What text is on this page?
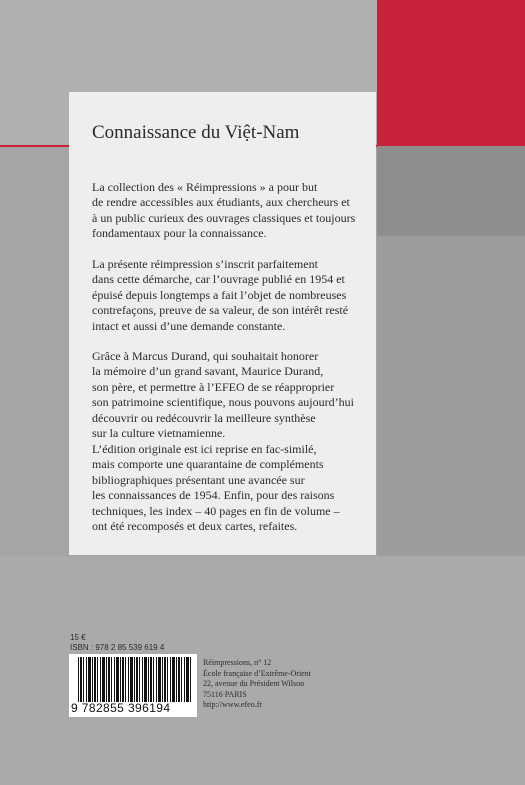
Connaissance du Việt-Nam

La collection des « Réimpressions » a pour but
de rendre accessibles aux étudiants, aux chercheurs et
à un public curieux des ouvrages classiques et toujours
fondamentaux pour la connaissance.

La présente réimpression s’inscrit parfaitement
dans cette démarche, car l’ouvrage publié en 1954 et
épuisé depuis longtemps a fait l’objet de nombreuses
contrefaçons, preuve de sa valeur, de son intérêt resté
intact et aussi d’une demande constante.

Grâce à Marcus Durand, qui souhaitait honorer
la mémoire d’un grand savant, Maurice Durand,
son père, et permettre à l’EFEO de se réapproprier
son patrimoine scientifique, nous pouvons aujourd’hui
découvrir ou redécouvrir la meilleure synthèse
sur la culture vietnamienne.

L’édition originale est ici reprise en fac-similé,
mais comporte une quarantaine de compléments
bibliographiques présentant une avancée sur
les connaissances de 1954. Enfin, pour des raisons
techniques, les index – 40 pages en fin de volume –
ont été recomposés et deux cartes, refaites.

15 €
ISBN : 978 2 85 539 619 4
9 782855 396194

Réimpressions, n° 12
École française d’Extrême-Orient
22, avenue du Président Wilson
75116 PARIS
http://www.efeo.fr
